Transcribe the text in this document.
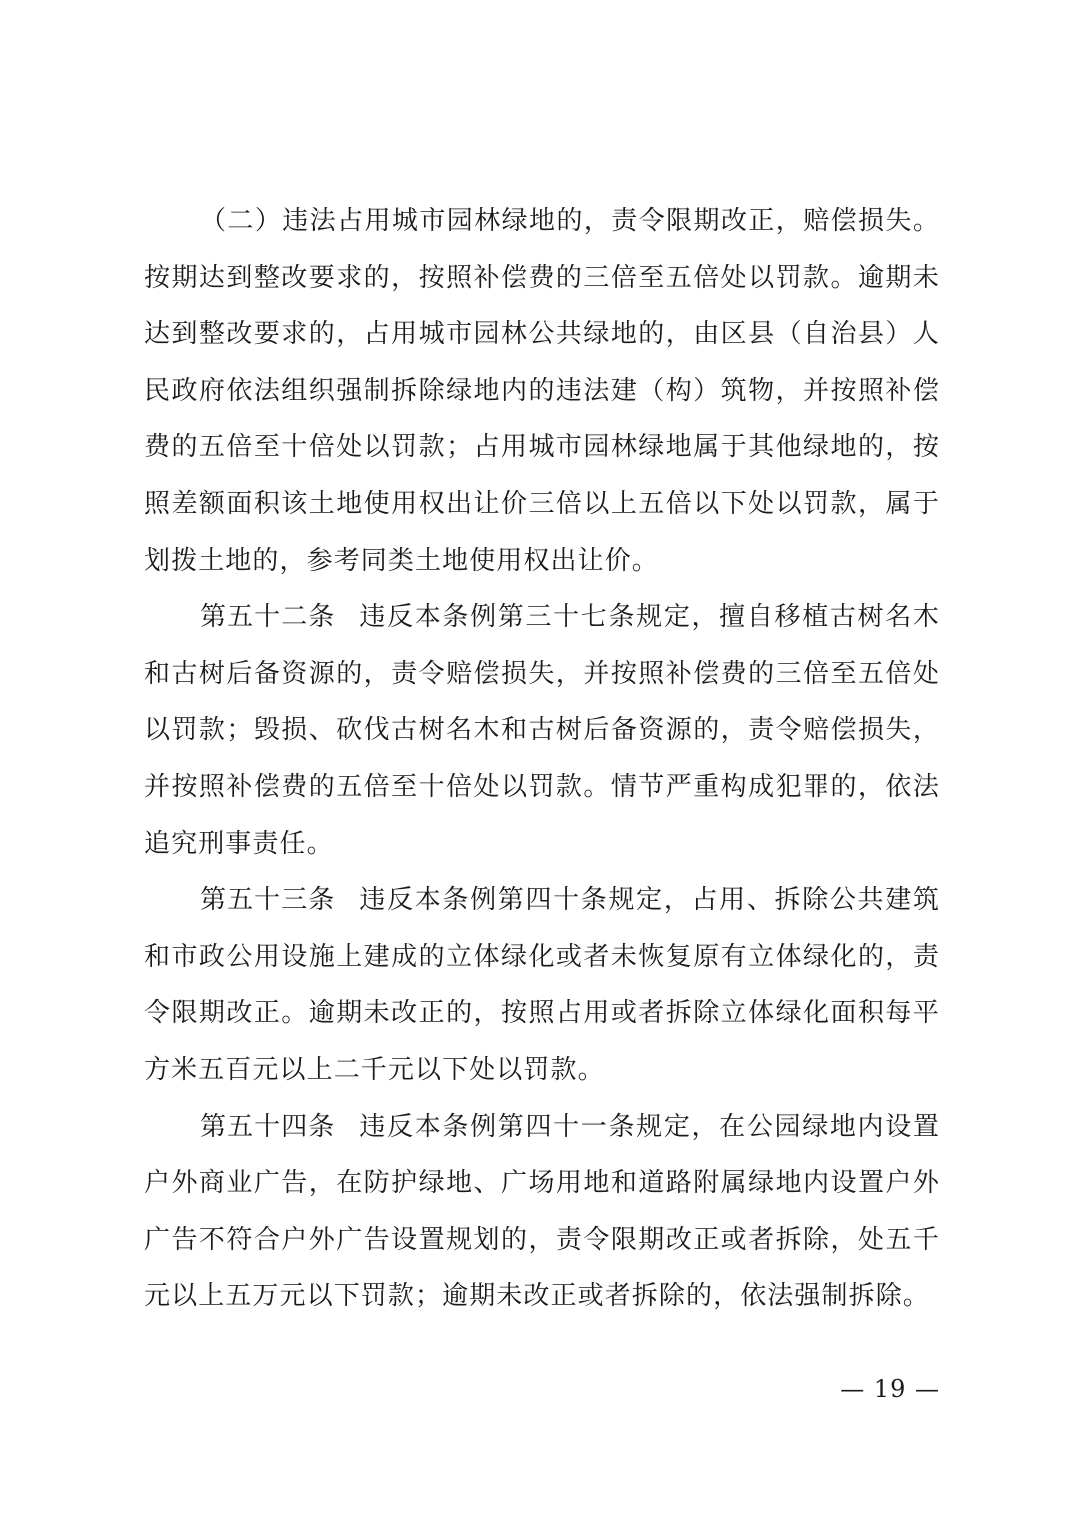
（二）违法占用城市园林绿地的，责令限期改正，赔偿损失。按期达到整改要求的，按照补偿费的三倍至五倍处以罚款。逾期未达到整改要求的，占用城市园林公共绿地的，由区县（自治县）人民政府依法组织强制拆除绿地内的违法建（构）筑物，并按照补偿费的五倍至十倍处以罚款；占用城市园林绿地属于其他绿地的，按照差额面积该土地使用权出让价三倍以上五倍以下处以罚款，属于划拨土地的，参考同类土地使用权出让价。

第五十二条 违反本条例第三十七条规定，擅自移植古树名木和古树后备资源的，责令赔偿损失，并按照补偿费的三倍至五倍处以罚款；毁损、砍伐古树名木和古树后备资源的，责令赔偿损失，并按照补偿费的五倍至十倍处以罚款。情节严重构成犯罪的，依法追究刑事责任。

第五十三条 违反本条例第四十条规定，占用、拆除公共建筑和市政公用设施上建成的立体绿化或者未恢复原有立体绿化的，责令限期改正。逾期未改正的，按照占用或者拆除立体绿化面积每平方米五百元以上二千元以下处以罚款。

第五十四条 违反本条例第四十一条规定，在公园绿地内设置户外商业广告，在防护绿地、广场用地和道路附属绿地内设置户外广告不符合户外广告设置规划的，责令限期改正或者拆除，处五千元以上五万元以下罚款；逾期未改正或者拆除的，依法强制拆除。

— 19 —
